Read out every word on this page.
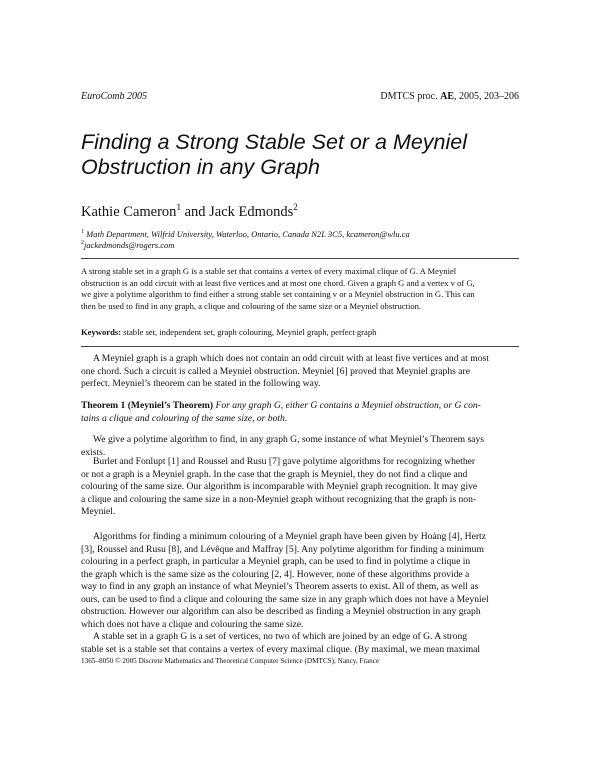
EuroComb 2005	DMTCS proc. AE, 2005, 203–206
Finding a Strong Stable Set or a Meyniel
Obstruction in any Graph
Kathie Cameron$^1$ and Jack Edmonds$^2$
$^1$ Math Department, Wilfrid University, Waterloo, Ontario, Canada N2L 3C5, kcameron@wlu.ca
$^2$jackedmonds@rogers.com
A strong stable set in a graph G is a stable set that contains a vertex of every maximal clique of G. A Meyniel
obstruction is an odd circuit with at least five vertices and at most one chord. Given a graph G and a vertex v of G,
we give a polytime algorithm to find either a strong stable set containing v or a Meyniel obstruction in G. This can
then be used to find in any graph, a clique and colouring of the same size or a Meyniel obstruction.
Keywords: stable set, independent set, graph colouring, Meyniel graph, perfect graph
A Meyniel graph is a graph which does not contain an odd circuit with at least five vertices and at most
one chord. Such a circuit is called a Meyniel obstruction. Meyniel [6] proved that Meyniel graphs are
perfect. Meyniel’s theorem can be stated in the following way.
Theorem 1 (Meyniel’s Theorem) For any graph G, either G contains a Meyniel obstruction, or G con-
tains a clique and colouring of the same size, or both.
We give a polytime algorithm to find, in any graph G, some instance of what Meyniel’s Theorem says
exists.
Burlet and Fonlupt [1] and Roussel and Rusu [7] gave polytime algorithms for recognizing whether
or not a graph is a Meyniel graph. In the case that the graph is Meyniel, they do not find a clique and
colouring of the same size. Our algorithm is incomparable with Meyniel graph recognition. It may give
a clique and colouring the same size in a non-Meyniel graph without recognizing that the graph is non-
Meyniel.
Algorithms for finding a minimum colouring of a Meyniel graph have been given by Hoàng [4], Hertz
[3], Roussel and Rusu [8], and Lévêque and Maffray [5]. Any polytime algorithm for finding a minimum
colouring in a perfect graph, in particular a Meyniel graph, can be used to find in polytime a clique in
the graph which is the same size as the colouring [2, 4]. However, none of these algorithms provide a
way to find in any graph an instance of what Meyniel’s Theorem asserts to exist. All of them, as well as
ours, can be used to find a clique and colouring the same size in any graph which does not have a Meyniel
obstruction. However our algorithm can also be described as finding a Meyniel obstruction in any graph
which does not have a clique and colouring the same size.
A stable set in a graph G is a set of vertices, no two of which are joined by an edge of G. A strong
stable set is a stable set that contains a vertex of every maximal clique. (By maximal, we mean maximal
1365–8050 © 2005 Discrete Mathematics and Theoretical Computer Science (DMTCS), Nancy, France
